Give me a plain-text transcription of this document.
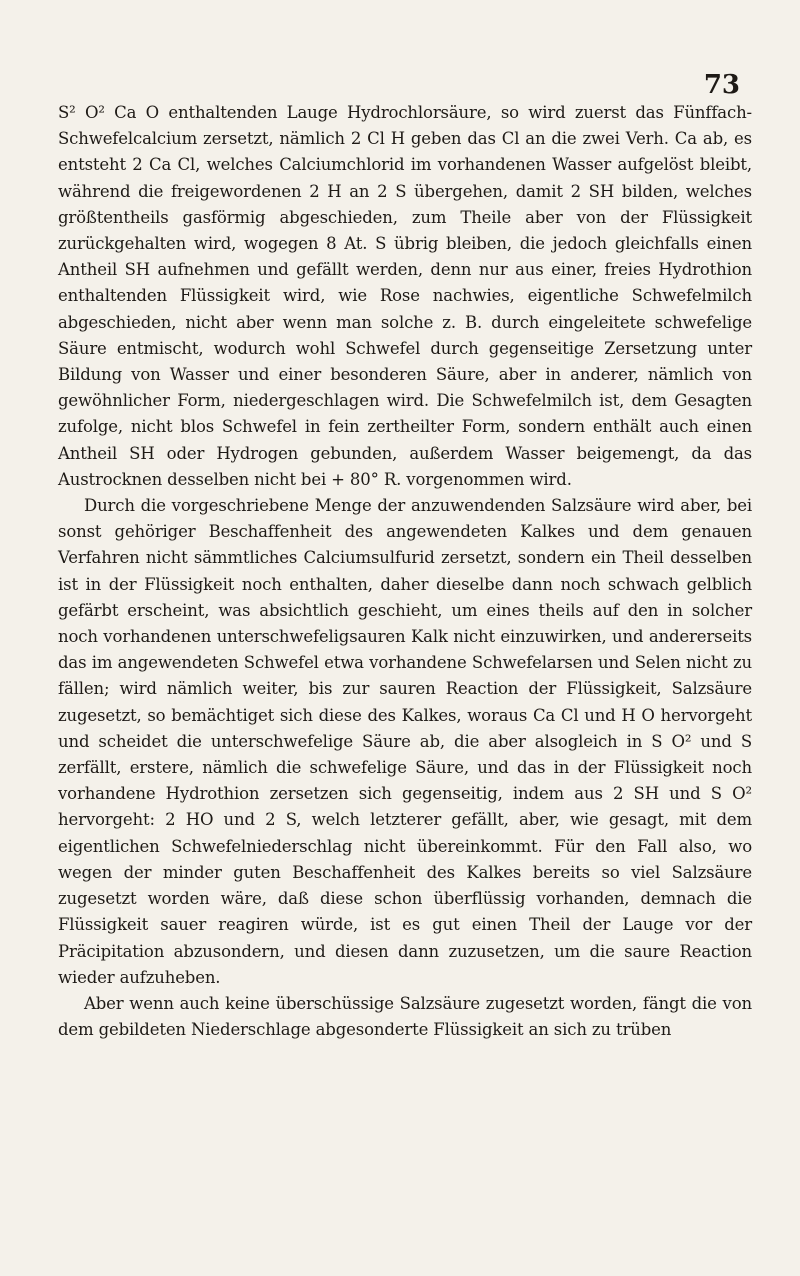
73

S² O² Ca O enthaltenden Lauge Hydrochlorsäure, so wird zuerst das Fünffach-Schwefelcalcium zersetzt, nämlich 2 Cl H geben das Cl an die zwei Verh. Ca ab, es entsteht 2 Ca Cl, welches Calciumchlorid im vorhandenen Wasser aufgelöst bleibt, während die freigewordenen 2 H an 2 S übergehen, damit 2 SH bilden, welches größtentheils gasförmig abgeschieden, zum Theile aber von der Flüssigkeit zurückgehalten wird, wogegen 8 At. S übrig bleiben, die jedoch gleichfalls einen Antheil SH aufnehmen und gefällt werden, denn nur aus einer, freies Hydrothion enthaltenden Flüssigkeit wird, wie Rose nachwies, eigentliche Schwefelmilch abgeschieden, nicht aber wenn man solche z. B. durch eingeleitete schwefelige Säure entmischt, wodurch wohl Schwefel durch gegenseitige Zersetzung unter Bildung von Wasser und einer besonderen Säure, aber in anderer, nämlich von gewöhnlicher Form, niedergeschlagen wird. Die Schwefelmilch ist, dem Gesagten zufolge, nicht blos Schwefel in fein zertheilter Form, sondern enthält auch einen Antheil SH oder Hydrogen gebunden, außerdem Wasser beigemengt, da das Austrocknen desselben nicht bei + 80° R. vorgenommen wird.

Durch die vorgeschriebene Menge der anzuwendenden Salzsäure wird aber, bei sonst gehöriger Beschaffenheit des angewendeten Kalkes und dem genauen Verfahren nicht sämmtliches Calciumsulfurid zersetzt, sondern ein Theil desselben ist in der Flüssigkeit noch enthalten, daher dieselbe dann noch schwach gelblich gefärbt erscheint, was absichtlich geschieht, um eines theils auf den in solcher noch vorhandenen unterschwefeligsauren Kalk nicht einzuwirken, und andererseits das im angewendeten Schwefel etwa vorhandene Schwefelarsen und Selen nicht zu fällen; wird nämlich weiter, bis zur sauren Reaction der Flüssigkeit, Salzsäure zugesetzt, so bemächtiget sich diese des Kalkes, woraus Ca Cl und H O hervorgeht und scheidet die unterschwefelige Säure ab, die aber alsogleich in S O² und S zerfällt, erstere, nämlich die schwefelige Säure, und das in der Flüssigkeit noch vorhandene Hydrothion zersetzen sich gegenseitig, indem aus 2 SH und S O² hervorgeht: 2 HO und 2 S, welch letzterer gefällt, aber, wie gesagt, mit dem eigentlichen Schwefelniederschlag nicht übereinkommt. Für den Fall also, wo wegen der minder guten Beschaffenheit des Kalkes bereits so viel Salzsäure zugesetzt worden wäre, daß diese schon überflüssig vorhanden, demnach die Flüssigkeit sauer reagiren würde, ist es gut einen Theil der Lauge vor der Präcipitation abzusondern, und diesen dann zuzusetzen, um die saure Reaction wieder aufzuheben.

Aber wenn auch keine überschüssige Salzsäure zugesetzt worden, fängt die von dem gebildeten Niederschlage abgesonderte Flüssigkeit an sich zu trüben
